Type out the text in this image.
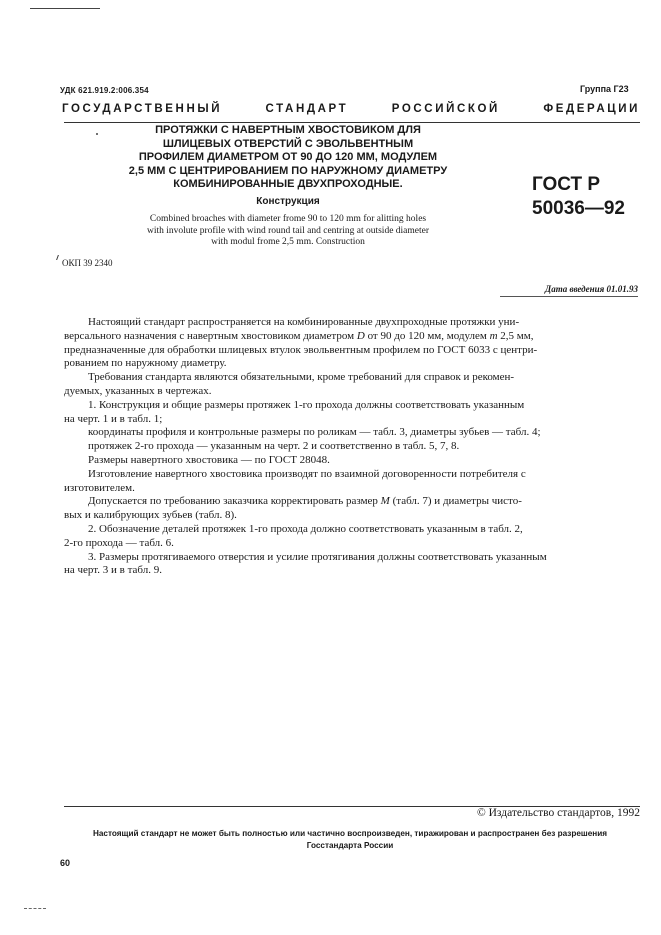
УДК 621.919.2:006.354	Группа Г23
ГОСУДАРСТВЕННЫЙ	СТАНДАРТ	РОССИЙСКОЙ	ФЕДЕРАЦИИ
ПРОТЯЖКИ С НАВЕРТНЫМ ХВОСТОВИКОМ ДЛЯ
ШЛИЦЕВЫХ ОТВЕРСТИЙ С ЭВОЛЬВЕНТНЫМ
ПРОФИЛЕМ ДИАМЕТРОМ ОТ 90 ДО 120 ММ, МОДУЛЕМ
2,5 ММ С ЦЕНТРИРОВАНИЕМ ПО НАРУЖНОМУ ДИАМЕТРУ
КОМБИНИРОВАННЫЕ ДВУХПРОХОДНЫЕ.
Конструкция
Combined broaches with diameter frome 90 to 120 mm for alitting holes
with involute profile with wind round tail and centring at outside diameter
with modul frome 2,5 mm. Construction
ГОСТ Р
50036—92
ОКП 39 2340
Дата введения 01.01.93
Настоящий стандарт распространяется на комбинированные двухпроходные протяжки уни-
версального назначения с навертным хвостовиком диаметром D от 90 до 120 мм, модулем m 2,5 мм,
предназначенные для обработки шлицевых втулок эвольвентным профилем по ГОСТ 6033 с центри-
рованием по наружному диаметру.
Требования стандарта являются обязательными, кроме требований для справок и рекомен-
дуемых, указанных в чертежах.
1. Конструкция и общие размеры протяжек 1-го прохода должны соответствовать указанным
на черт. 1 и в табл. 1;
координаты профиля и контрольные размеры по роликам — табл. 3, диаметры зубьев — табл. 4;
протяжек 2-го прохода — указанным на черт. 2 и соответственно в табл. 5, 7, 8.
Размеры навертного хвостовика — по ГОСТ 28048.
Изготовление навертного хвостовика производят по взаимной договоренности потребителя с
изготовителем.
Допускается по требованию заказчика корректировать размер M (табл. 7) и диаметры чисто-
вых и калибрующих зубьев (табл. 8).
2. Обозначение деталей протяжек 1-го прохода должно соответствовать указанным в табл. 2,
2-го прохода — табл. 6.
3. Размеры протягиваемого отверстия и усилие протягивания должны соответствовать указанным
на черт. 3 и в табл. 9.
© Издательство стандартов, 1992
Настоящий стандарт не может быть полностью или частично воспроизведен, тиражирован и распространен без разрешения
Госстандарта России
60
